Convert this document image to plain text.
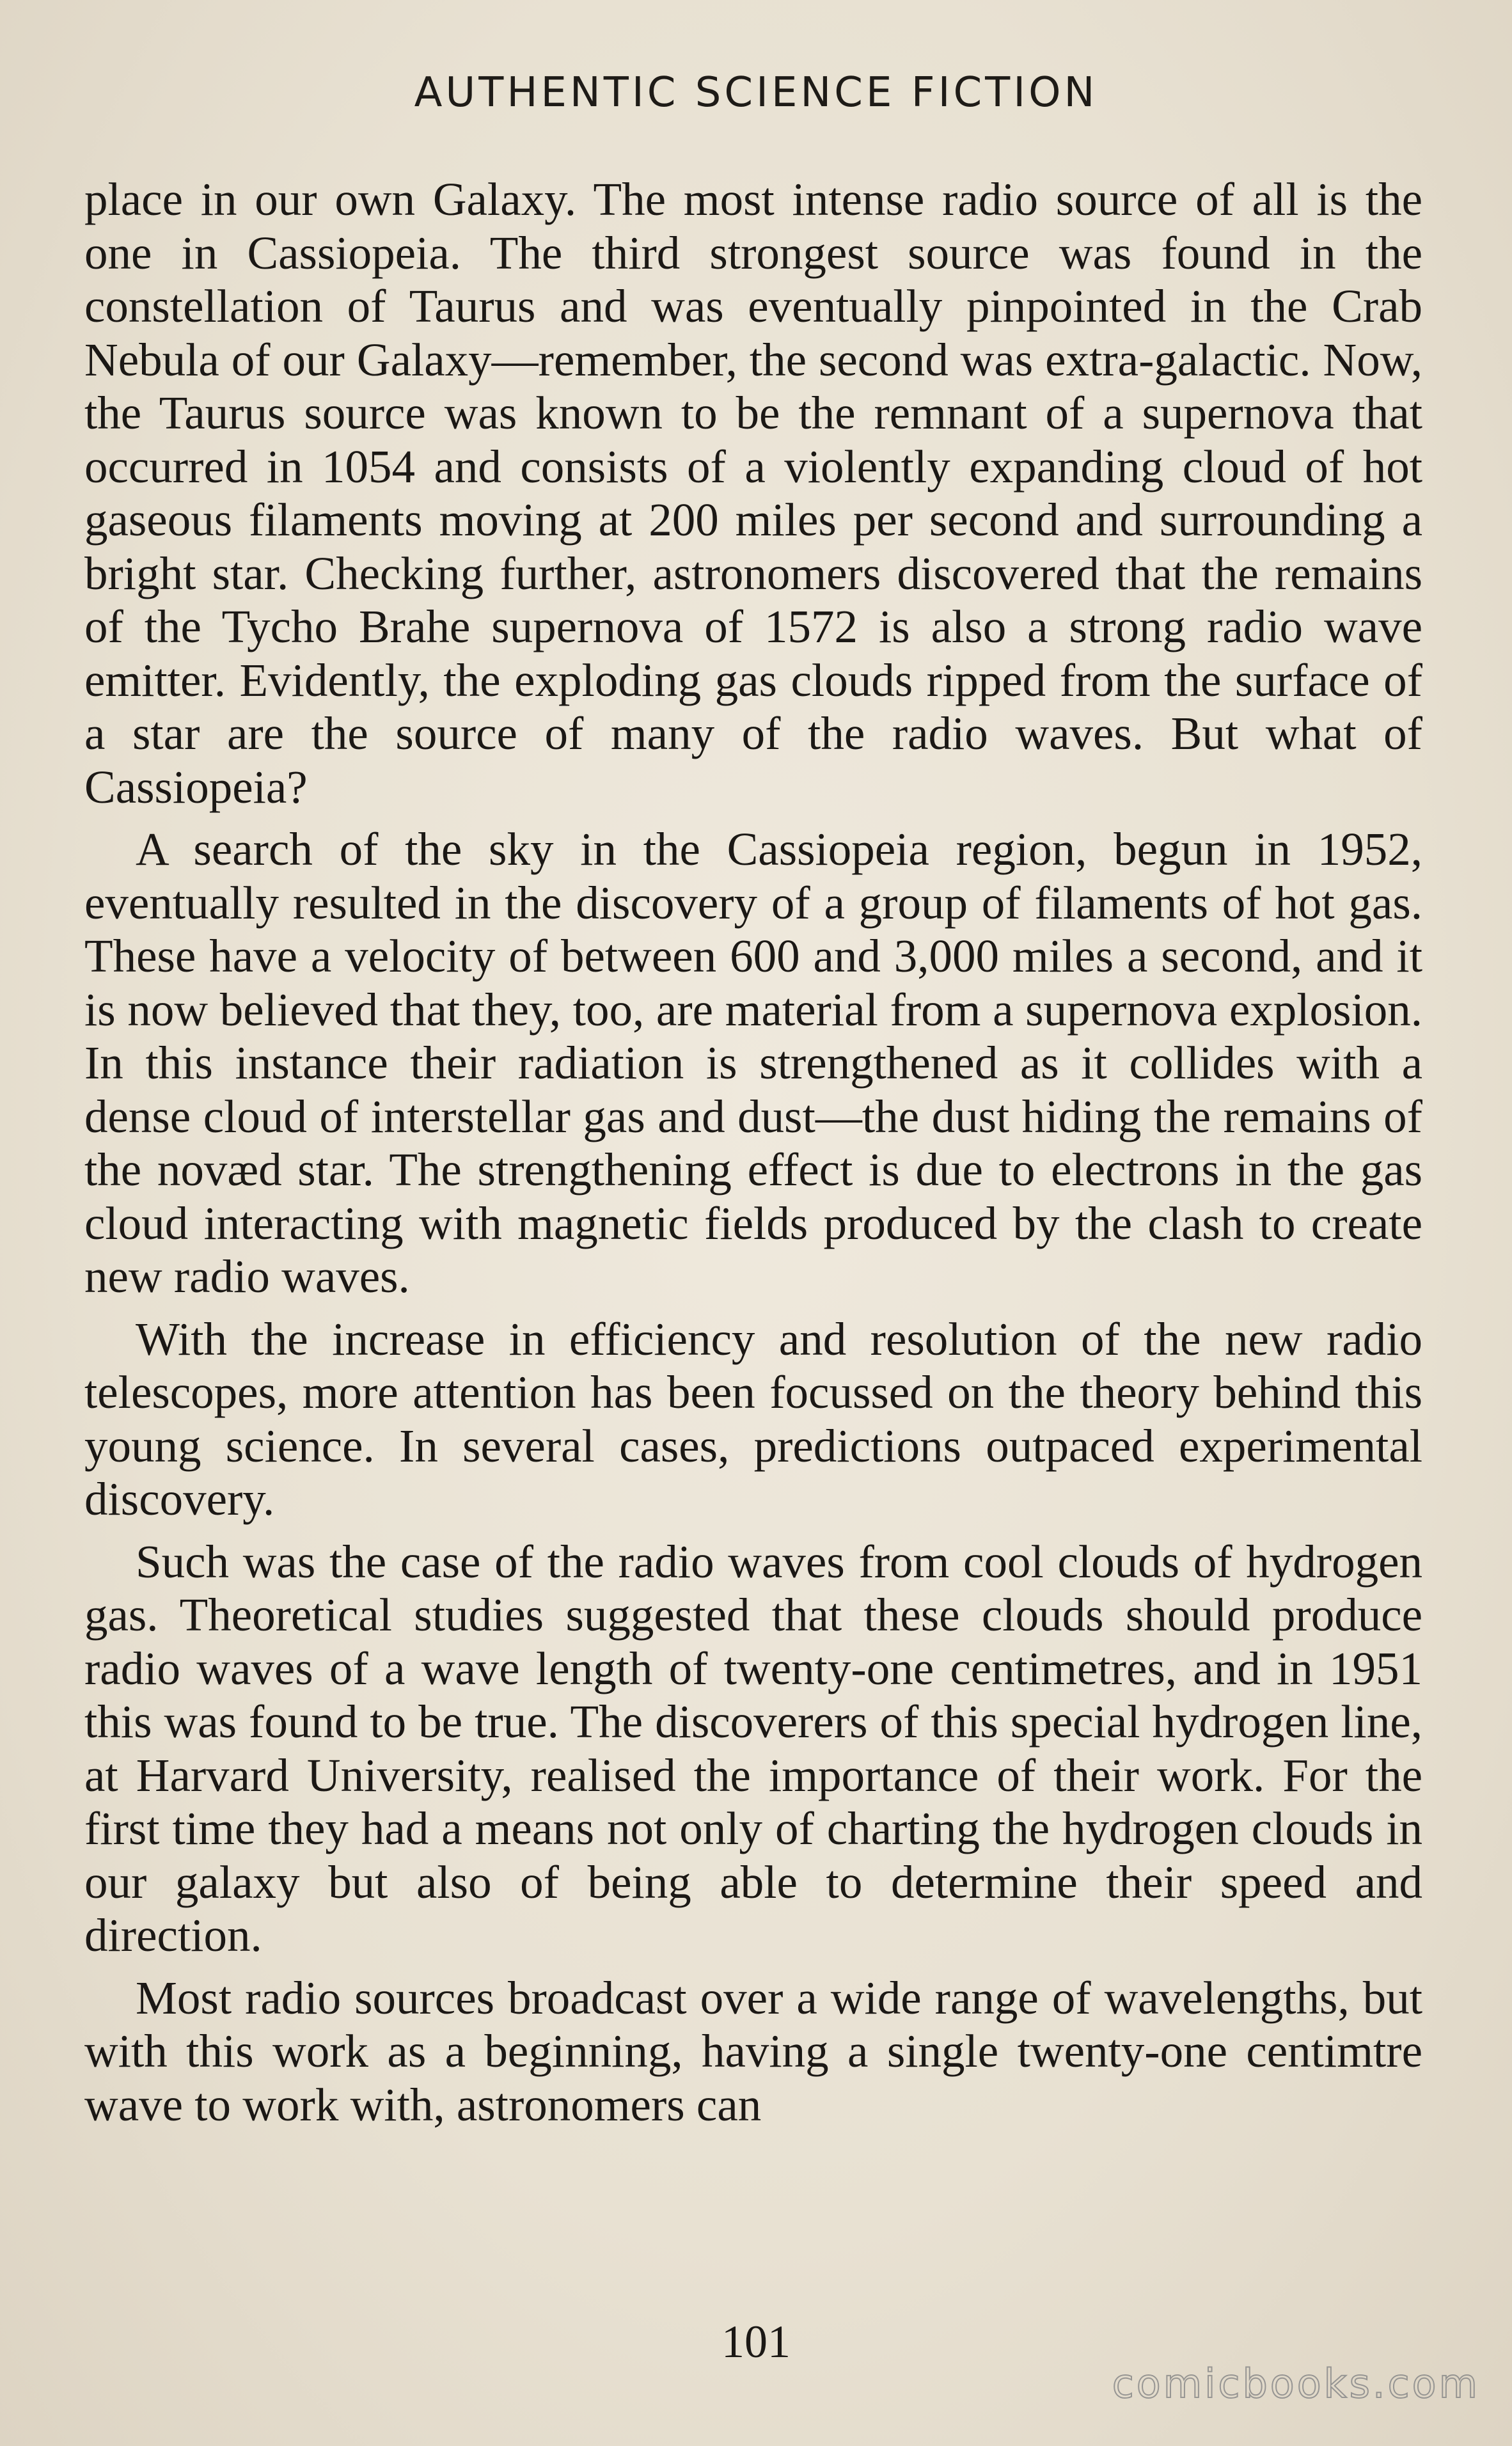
AUTHENTIC SCIENCE FICTION

place in our own Galaxy. The most intense radio source of all is the one in Cassiopeia. The third strongest source was found in the constellation of Taurus and was eventually pinpointed in the Crab Nebula of our Galaxy—remember, the second was extra-galactic. Now, the Taurus source was known to be the remnant of a supernova that occurred in 1054 and consists of a violently expanding cloud of hot gaseous filaments moving at 200 miles per second and surrounding a bright star. Checking further, astronomers discovered that the remains of the Tycho Brahe supernova of 1572 is also a strong radio wave emitter. Evidently, the exploding gas clouds ripped from the surface of a star are the source of many of the radio waves. But what of Cassiopeia?

A search of the sky in the Cassiopeia region, begun in 1952, eventually resulted in the discovery of a group of filaments of hot gas. These have a velocity of between 600 and 3,000 miles a second, and it is now believed that they, too, are material from a supernova explosion. In this instance their radiation is strengthened as it collides with a dense cloud of interstellar gas and dust—the dust hiding the remains of the novæd star. The strengthening effect is due to electrons in the gas cloud interacting with magnetic fields produced by the clash to create new radio waves.

With the increase in efficiency and resolution of the new radio telescopes, more attention has been focussed on the theory behind this young science. In several cases, predictions outpaced experimental discovery.

Such was the case of the radio waves from cool clouds of hydrogen gas. Theoretical studies suggested that these clouds should produce radio waves of a wave length of twenty-one centimetres, and in 1951 this was found to be true. The discoverers of this special hydrogen line, at Harvard University, realised the importance of their work. For the first time they had a means not only of charting the hydrogen clouds in our galaxy but also of being able to determine their speed and direction.

Most radio sources broadcast over a wide range of wavelengths, but with this work as a beginning, having a single twenty-one centimtre wave to work with, astronomers can

101
comicbooks.com
